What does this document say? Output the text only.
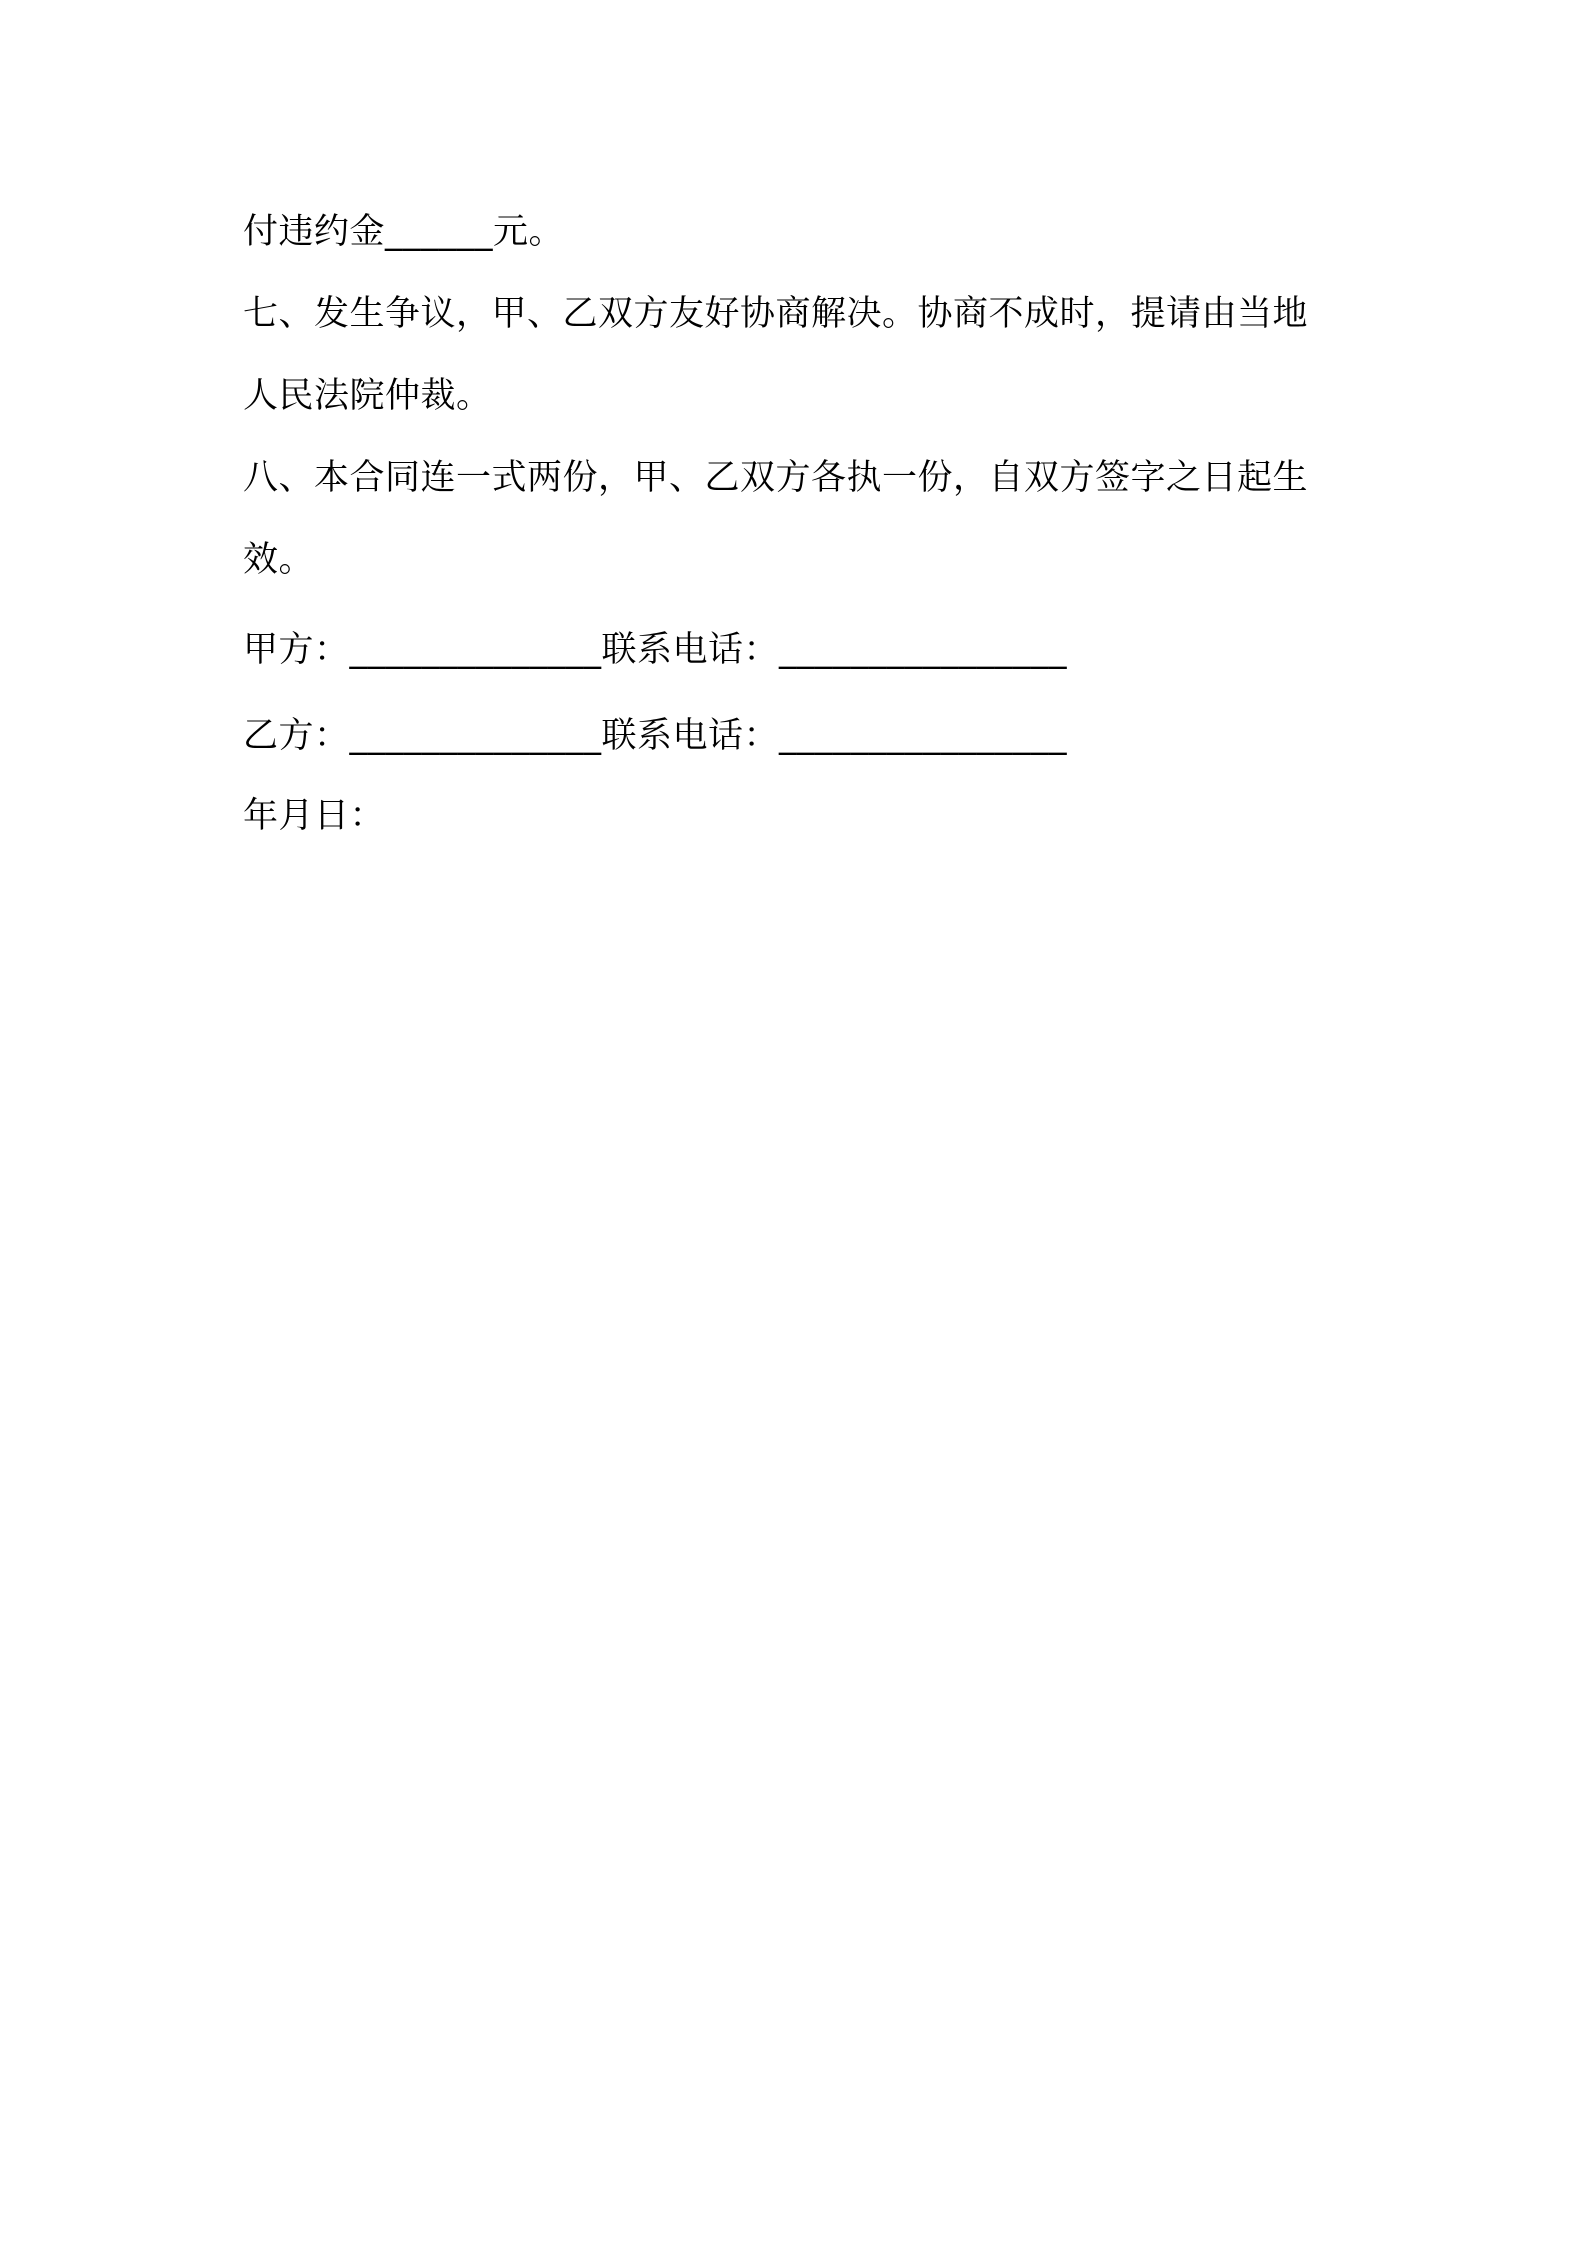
付违约金______元。
七、发生争议，甲、乙双方友好协商解决。协商不成时，提请由当地
人民法院仲裁。
八、本合同连一式两份，甲、乙双方各执一份，自双方签字之日起生
效。
甲方：______________联系电话：________________
乙方：______________联系电话：________________
年月日：
